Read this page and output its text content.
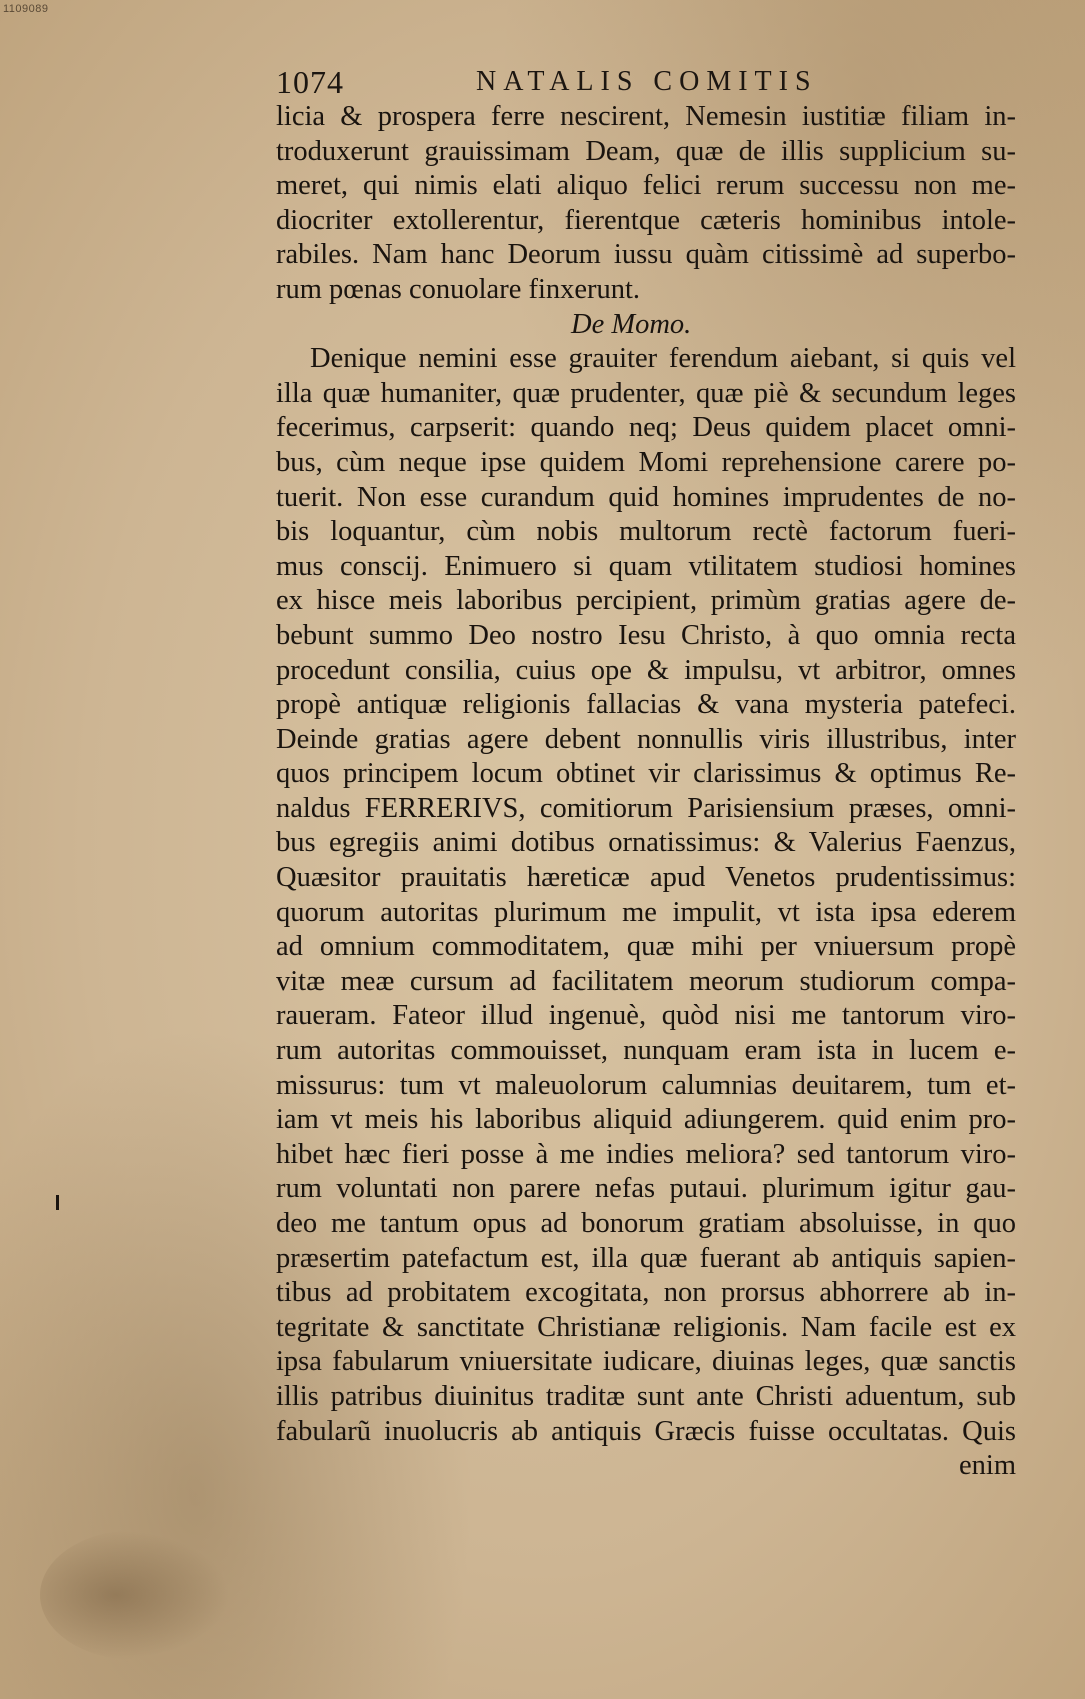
1109089
1074	NATALIS COMITIS
licia & prospera ferre nescirent, Nemesin iustitiæ filiam in-
troduxerunt grauissimam Deam, quæ de illis supplicium su-
meret, qui nimis elati aliquo felici rerum successu non me-
diocriter extollerentur, fierentque cæteris hominibus intole-
rabiles. Nam hanc Deorum iussu quàm citissimè ad superbo-
rum pœnas conuolare finxerunt.
De Momo.
Denique nemini esse grauiter ferendum aiebant, si quis vel
illa quæ humaniter, quæ prudenter, quæ piè & secundum leges
fecerimus, carpserit: quando neq; Deus quidem placet omni-
bus, cùm neque ipse quidem Momi reprehensione carere po-
tuerit. Non esse curandum quid homines imprudentes de no-
bis loquantur, cùm nobis multorum rectè factorum fueri-
mus conscij. Enimuero si quam vtilitatem studiosi homines
ex hisce meis laboribus percipient, primùm gratias agere de-
bebunt summo Deo nostro Iesu Christo, à quo omnia recta
procedunt consilia, cuius ope & impulsu, vt arbitror, omnes
propè antiquæ religionis fallacias & vana mysteria patefeci.
Deinde gratias agere debent nonnullis viris illustribus, inter
quos principem locum obtinet vir clarissimus & optimus Re-
naldus FERRERIVS, comitiorum Parisiensium præses, omni-
bus egregiis animi dotibus ornatissimus: & Valerius Faenzus,
Quæsitor prauitatis hæreticæ apud Venetos prudentissimus:
quorum autoritas plurimum me impulit, vt ista ipsa ederem
ad omnium commoditatem, quæ mihi per vniuersum propè
vitæ meæ cursum ad facilitatem meorum studiorum compa-
raueram. Fateor illud ingenuè, quòd nisi me tantorum viro-
rum autoritas commouisset, nunquam eram ista in lucem e-
missurus: tum vt maleuolorum calumnias deuitarem, tum et-
iam vt meis his laboribus aliquid adiungerem. quid enim pro-
hibet hæc fieri posse à me indies meliora? sed tantorum viro-
rum voluntati non parere nefas putaui. plurimum igitur gau-
deo me tantum opus ad bonorum gratiam absoluisse, in quo
præsertim patefactum est, illa quæ fuerant ab antiquis sapien-
tibus ad probitatem excogitata, non prorsus abhorrere ab in-
tegritate & sanctitate Christianæ religionis. Nam facile est ex
ipsa fabularum vniuersitate iudicare, diuinas leges, quæ sanctis
illis patribus diuinitus traditæ sunt ante Christi aduentum, sub
fabularũ inuolucris ab antiquis Græcis fuisse occultatas. Quis
enim
